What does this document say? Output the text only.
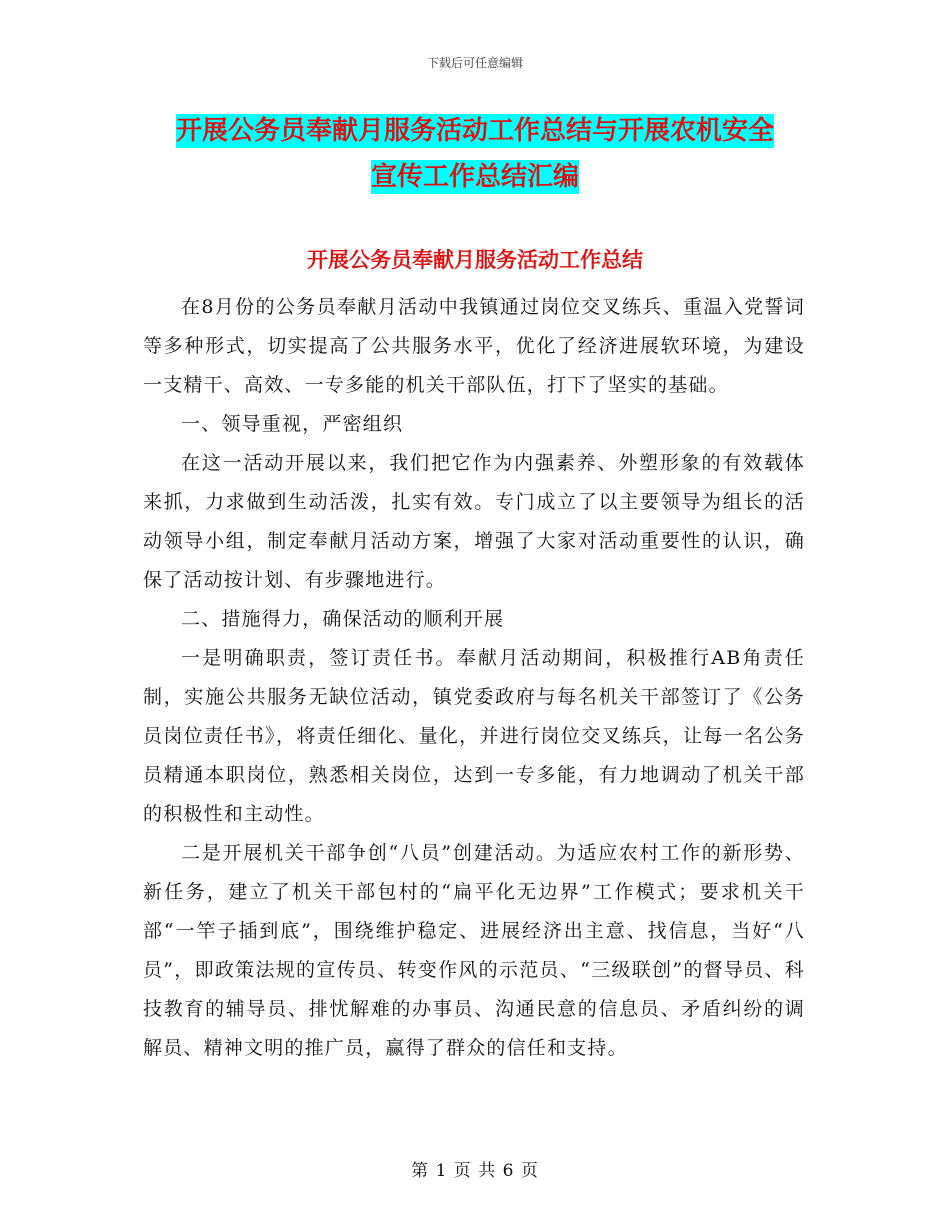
下载后可任意编辑
开展公务员奉献月服务活动工作总结与开展农机安全
宣传工作总结汇编
开展公务员奉献月服务活动工作总结

在8月份的公务员奉献月活动中我镇通过岗位交叉练兵、重温入党誓词等多种形式，切实提高了公共服务水平，优化了经济进展软环境，为建设一支精干、高效、一专多能的机关干部队伍，打下了坚实的基础。

一、领导重视，严密组织

在这一活动开展以来，我们把它作为内强素养、外塑形象的有效载体来抓，力求做到生动活泼，扎实有效。专门成立了以主要领导为组长的活动领导小组，制定奉献月活动方案，增强了大家对活动重要性的认识，确保了活动按计划、有步骤地进行。

二、措施得力，确保活动的顺利开展

一是明确职责，签订责任书。奉献月活动期间，积极推行AB角责任制，实施公共服务无缺位活动，镇党委政府与每名机关干部签订了《公务员岗位责任书》，将责任细化、量化，并进行岗位交叉练兵，让每一名公务员精通本职岗位，熟悉相关岗位，达到一专多能，有力地调动了机关干部的积极性和主动性。

二是开展机关干部争创“八员”创建活动。为适应农村工作的新形势、新任务，建立了机关干部包村的“扁平化无边界”工作模式；要求机关干部“一竿子插到底”，围绕维护稳定、进展经济出主意、找信息，当好“八员”，即政策法规的宣传员、转变作风的示范员、“三级联创”的督导员、科技教育的辅导员、排忧解难的办事员、沟通民意的信息员、矛盾纠纷的调解员、精神文明的推广员，赢得了群众的信任和支持。

第 1 页 共 6 页
